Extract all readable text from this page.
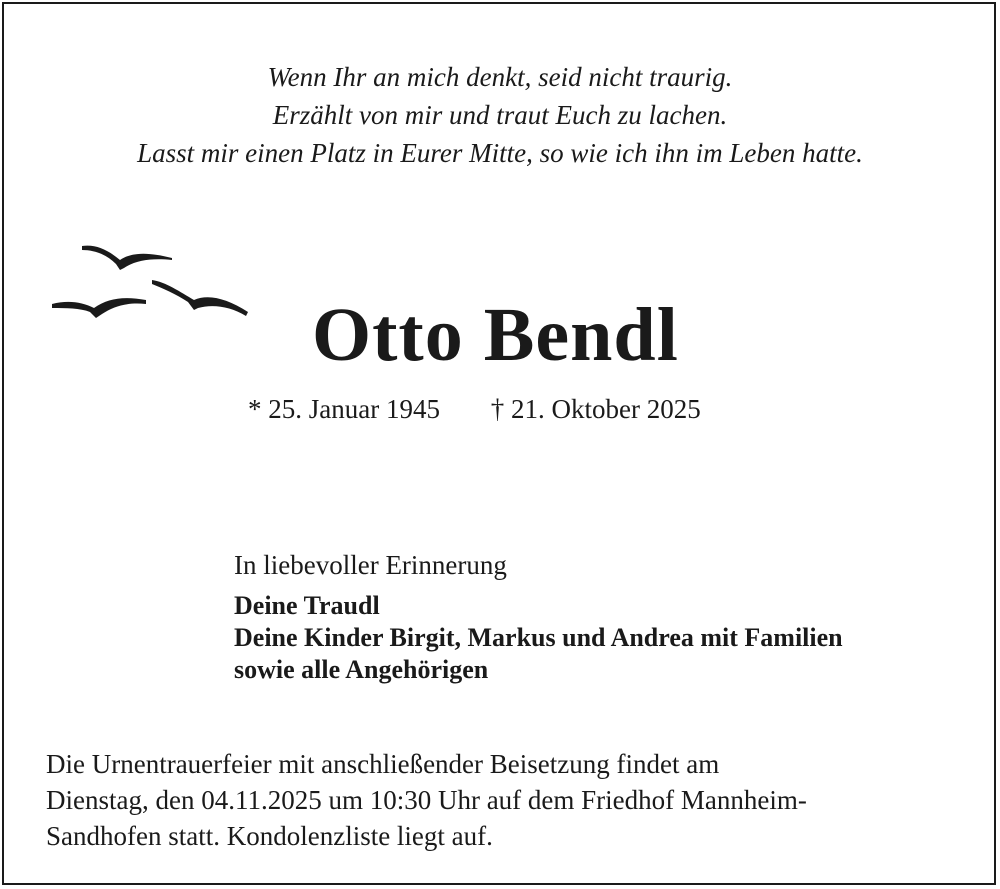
Wenn Ihr an mich denkt, seid nicht traurig.
Erzählt von mir und traut Euch zu lachen.
Lasst mir einen Platz in Eurer Mitte, so wie ich ihn im Leben hatte.
Otto Bendl
* 25. Januar 1945 † 21. Oktober 2025
In liebevoller Erinnerung
Deine Traudl
Deine Kinder Birgit, Markus und Andrea mit Familien
sowie alle Angehörigen
Die Urnentrauerfeier mit anschließender Beisetzung findet am
Dienstag, den 04.11.2025 um 10:30 Uhr auf dem Friedhof Mannheim-
Sandhofen statt. Kondolenzliste liegt auf.
